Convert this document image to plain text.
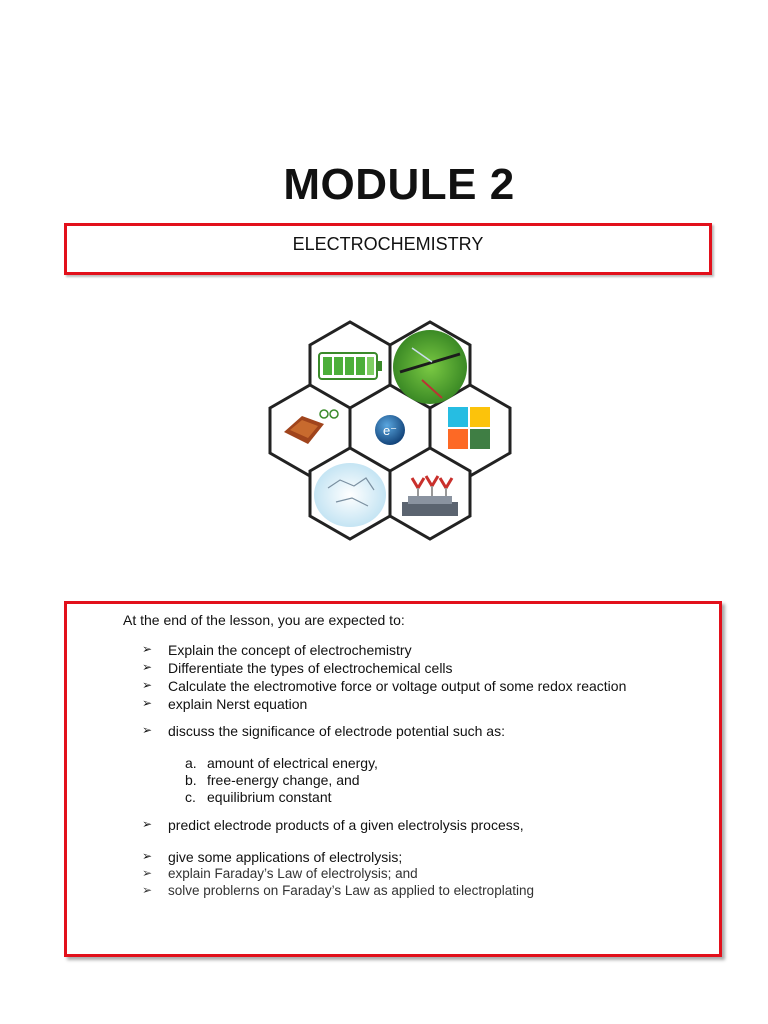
MODULE 2
ELECTROCHEMISTRY
e⁻
At the end of the lesson, you are expected to:
➢ Explain the concept of electrochemistry
➢ Differentiate the types of electrochemical cells
➢ Calculate the electromotive force or voltage output of some redox reaction
➢ explain Nerst equation
➢ discuss the significance of electrode potential such as:
a. amount of electrical energy,
b. free-energy change, and
c. equilibrium constant
➢ predict electrode products of a given electrolysis process,
➢ give some applications of electrolysis;
➢ explain Faraday’s Law of electrolysis; and
➢ solve problerns on Faraday’s Law as applied to electroplating
